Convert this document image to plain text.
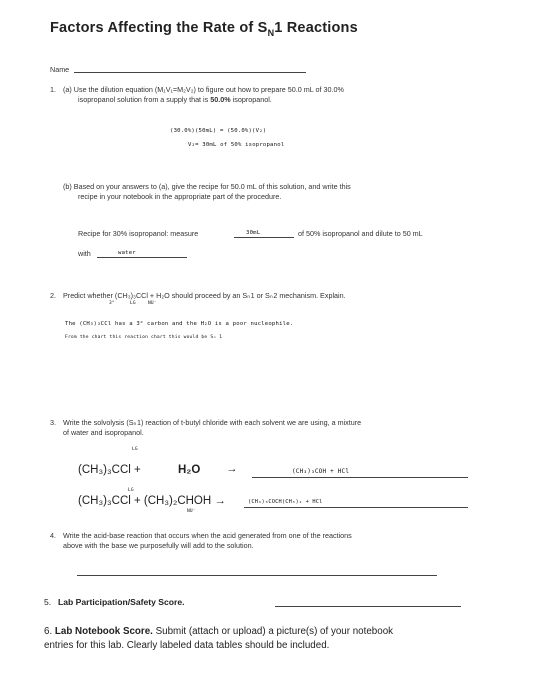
Factors Affecting the Rate of $S_N1$ Reactions
Name
1. (a) Use the dilution equation (M₁V₁=M₂V₂) to figure out how to prepare 50.0 mL of 30.0%
isopropanol solution from a supply that is 50.0% isopropanol.
(30.0%)(50mL) = (50.0%)(V₂)
V₂= 30mL of 50% isopropanol
(b) Based on your answers to (a), give the recipe for 50.0 mL of this solution, and write this
recipe in your notebook in the appropriate part of the procedure.
Recipe for 30% isopropanol: measure	30mL	of 50% isopropanol and dilute to 50 mL
with	water
2. Predict whether (CH₃)₃CCl + H₂O should proceed by an Sₙ 1 or Sₙ 2 mechanism. Explain.
3°	LG	NU⁻
The (CH₃)₃CCl has a 3° carbon and the H₂O is a poor nucleophile.
From the chart this reaction chart this would be Sₙ 1
3. Write the solvolysis (Sₙ 1) reaction of t-butyl chloride with each solvent we are using, a mixture
of water and isopropanol.
LG
(CH₃)₃CCl +	H₂O →	(CH₃)₃COH + HCl
LG
(CH₃)₃CCl + (CH₃)₂CHOH →	(CH₃)₃COCH(CH₃)₂ + HCl
NU⁻
4. Write the acid-base reaction that occurs when the acid generated from one of the reactions
above with the base we purposefully will add to the solution.
5. Lab Participation/Safety Score.
6. Lab Notebook Score. Submit (attach or upload) a picture(s) of your notebook
entries for this lab. Clearly labeled data tables should be included.
